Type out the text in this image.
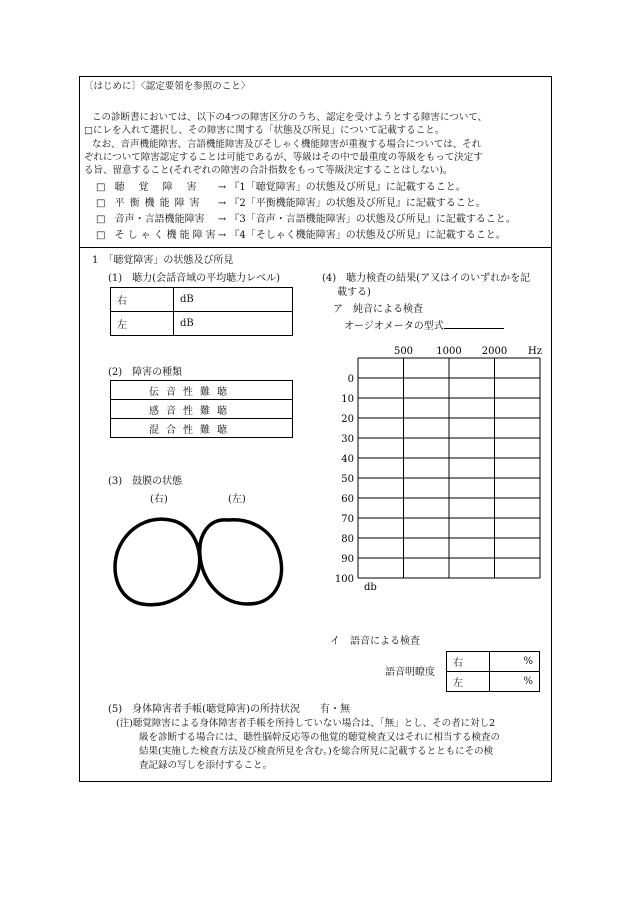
〔はじめに〕〈認定要領を参照のこと〉
この診断書においては、以下の4つの障害区分のうち、認定を受けようとする障害について、
□にレを入れて選択し、その障害に関する「状態及び所見」について記載すること。
なお、音声機能障害、言語機能障害及びそしゃく機能障害が重複する場合については、それ
ぞれについて障害認定することは可能であるが、等級はその中で最重度の等級をもって決定す
る旨、留意すること(それぞれの障害の合計指数をもって等級決定することはしない)。
□ 聴覚障害 → 『1「聴覚障害」の状態及び所見』に記載すること。
□ 平衡機能障害 → 『2「平衡機能障害」の状態及び所見』に記載すること。
□ 音声・言語機能障害 → 『3「音声・言語機能障害」の状態及び所見』に記載すること。
□ そしゃく機能障害 → 『4「そしゃく機能障害」の状態及び所見』に記載すること。
1　「聴覚障害」の状態及び所見
(1)　聴力(会話音域の平均聴力レベル)
右	dB
左	dB
(2)　障害の種類
伝音性難聴
感音性難聴
混合性難聴
(3)　鼓膜の状態
(右)	(左)
(4)　聴力検査の結果(ア又はイのいずれかを記
載する)
ア　純音による検査
オージオメータの型式
500 1000 2000 Hz
0
10
20
30
40
50
60
70
80
90
100
db
イ　語音による検査
語音明瞭度
右	%
左	%
(5)　身体障害者手帳(聴覚障害)の所持状況　　有・無
(注)聴覚障害による身体障害者手帳を所持していない場合は、「無」とし、その者に対し2
級を診断する場合には、聴性脳幹反応等の他覚的聴覚検査又はそれに相当する検査の
結果(実施した検査方法及び検査所見を含む。)を総合所見に記載するとともにその検
査記録の写しを添付すること。
